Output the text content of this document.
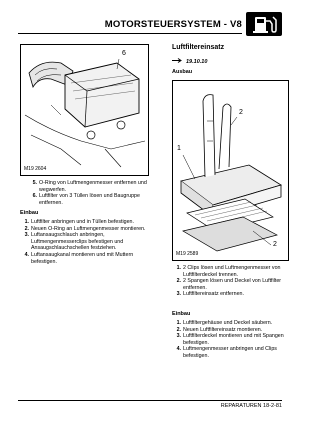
MOTORSTEUERSYSTEM - V8
6
M19 2604
5. O-Ring von Luftmengenmesser entfernen und wegwerfen.
6. Luftfilter von 3 Tüllen lösen und Baugruppe entfernen.
Einbau
1. Luftfilter anbringen und in Tüllen befestigen.
2. Neuen O-Ring an Luftmengenmesser montieren.
3. Luftansaugschlauch anbringen, Luftmengenmesserclips befestigen und Ansaugschlauchschellen festziehen.
4. Luftansaugkanal montieren und mit Muttern befestigen.
Luftfiltereinsatz
19.10.10
Ausbau
2
1
2
M19 2589
1. 2 Clips lösen und Luftmengenmesser von Luftfilterdeckel trennen.
2. 2 Spangen lösen und Deckel von Luftfilter entfernen.
3. Luftfiltereinsatz entfernen.
Einbau
1. Luftfiltergehäuse und Deckel säubern.
2. Neuen Luftfiltereinsatz montieren.
3. Luftfilterdeckel montieren und mit Spangen befestigen.
4. Luftmengenmesser anbringen und Clips befestigen.
REPARATUREN 18-2-81
